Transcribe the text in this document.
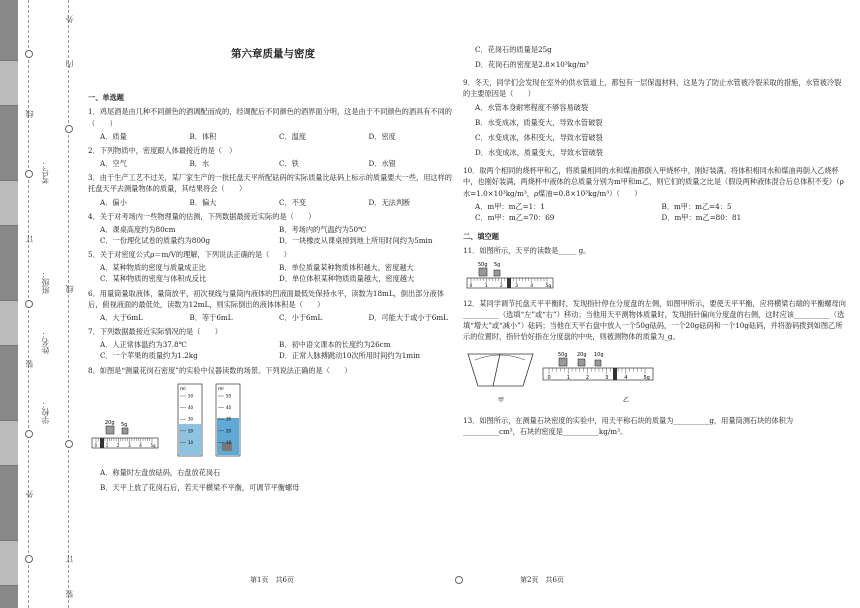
线
订
装
外
内
线
订
装
外
学校：
姓名：
班级：
考号：
第六章质量与密度
一、单选题
1．鸡尾酒是由几种不同颜色的酒调配而成的，经调配后不同颜色的酒界面分明，这是由于不同颜色的酒具有不同的（　　）
A．质量	B．体积	C．温度	D．密度
2．下列物质中，密度跟人体最接近的是（　）
A．空气	B．水	C．铁	D．水银
3．由于生产工艺不过关，某厂家生产的一批托盘天平所配砝码的实际质量比砝码上标示的质量要大一些，用这样的托盘天平去测量物体的质量，其结果将会（　　）
A．偏小	B．偏大	C．不变	D．无法判断
4．关于对考场内一些物理量的估测，下列数据最接近实际的是（　　）
A．课桌高度约为80cm	B．考场内的气温约为50℃
C．一份理化试卷的质量约为800g	D．一块橡皮从课桌掉到地上所用时间约为5min
5．关于对密度公式ρ＝m/V的理解，下列说法正确的是（　　）
A．某种物质的密度与质量成正比	B．单位质量某种物质体积越大，密度越大
C．某种物质的密度与体积成反比	D．单位体积某种物质质量越大，密度越大
6．用量筒量取液体，量筒放平，初次视线与量筒内液体的凹液面最低处保持水平，读数为18mL，倒出部分液体后，俯视液面的最低处，读数为12mL，则实际倒出的液体体积是（　　）
A．大于6mL	B．等于6mL	C．小于6mL	D．可能大于或小于6mL
7．下列数据最接近实际情况的是（　　）
A．人正常体温约为37.8℃	B．初中语文课本的长度约为26cm
C．一个苹果的质量约为1.2kg	D．正常人脉搏跳动10次所用时间约为1min
8．如图是“测量花岗石密度”的实验中仪器读数的场景。下列说法正确的是（　　）
20g 5g
0 1 2 3 4 5g
ml
50
40
30
20
10
ml
50
40
30
20
10
A．称量时左盘放砝码，右盘放花岗石
B．天平上放了花岗石后，若天平横梁不平衡，可调节平衡螺母
第1页　共6页	第2页　共6页
C．花岗石的质量是25g
D．花岗石的密度是2.8×10³kg/m³
9．冬天，同学们会发现在室外的供水管道上，都包有一层保温材料，这是为了防止水管被冷裂采取的措施，水管被冷裂的主要原因是（　　）
A．水管本身耐寒程度不够容易破裂
B．水变成冰，质量变大，导致水管破裂
C．水变成冰，体积变大，导致水管破裂
D．水变成冰，质量变大，导致水管破裂
10．取两个相同的烧杯甲和乙，将质量相同的水和煤油都倒入甲烧杯中，刚好装满。将体积相同水和煤油再倒入乙烧杯中，也刚好装满，两烧杯中液体的总质量分别为m甲和m乙，则它们的质量之比是（假设两种液体混合后总体积不变）（ρ水=1.0×10³kg/m³，ρ煤油=0.8×10³kg/m³）（　　）
A．m甲：m乙=1：1	B．m甲：m乙=4：5
C．m甲：m乙=70：69	D．m甲：m乙=80：81
二、填空题
11．如图所示，天平的读数是_____ g。
50g 5g
0	1	2	3	4	5g
12．某同学调节托盘天平平衡时，发现指针停在分度盘的左侧，如图甲所示，要使天平平衡，应将横梁右端的平衡螺母向__________（选填“左”或“右”）移动；当他用天平测物体质量时，发现指针偏向分度盘的右侧，这时应该__________（选填“增大”或“减小”）砝码；当他在天平右盘中放入一个50g砝码，一个20g砝码和一个10g砝码，并将游码拨到如图乙所示的位置时，指针恰好指在分度盘的中央，则被测物体的质量为_g。
甲
50g 20g 10g
0	1	2	3	4	5g
乙
13．如图所示，在测量石块密度的实验中，用天平称石块的质量为__________g，用量筒测石块的体积为__________cm³，石块的密度是__________kg/m³。
